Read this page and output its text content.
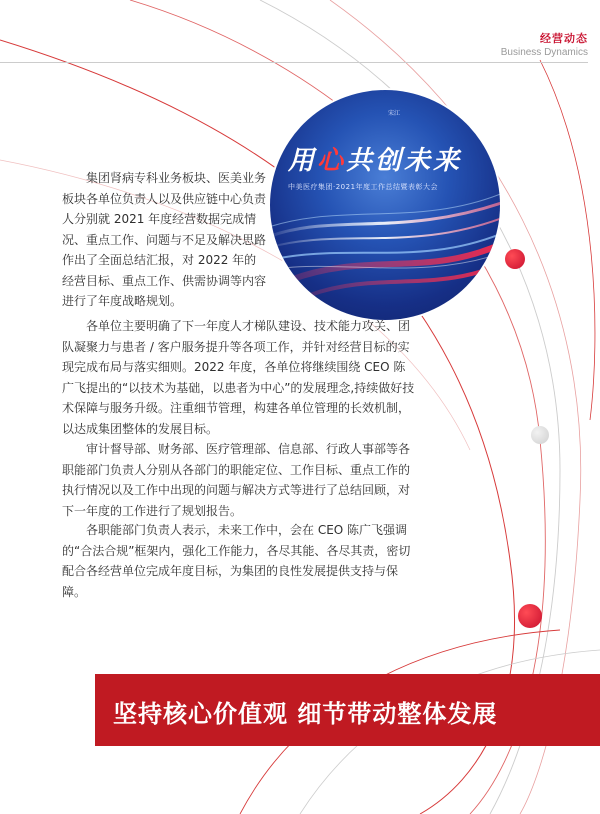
经营动态
Business Dynamics
宋江
用心共创未来
中美医疗集团·2021年度工作总结暨表彰大会

集团肾病专科业务板块、医美业务板块各单位负责人以及供应链中心负责人分别就 2021 年度经营数据完成情况、重点工作、问题与不足及解决思路作出了全面总结汇报，对 2022 年的经营目标、重点工作、供需协调等内容进行了年度战略规划。

各单位主要明确了下一年度人才梯队建设、技术能力攻关、团队凝聚力与患者 / 客户服务提升等各项工作，并针对经营目标的实现完成布局与落实细则。2022 年度，各单位将继续围绕 CEO 陈广飞提出的“以技术为基础，以患者为中心”的发展理念,持续做好技术保障与服务升级。注重细节管理，构建各单位管理的长效机制，以达成集团整体的发展目标。

审计督导部、财务部、医疗管理部、信息部、行政人事部等各职能部门负责人分别从各部门的职能定位、工作目标、重点工作的执行情况以及工作中出现的问题与解决方式等进行了总结回顾，对下一年度的工作进行了规划报告。

各职能部门负责人表示，未来工作中，会在 CEO 陈广飞强调的“合法合规”框架内，强化工作能力，各尽其能、各尽其责，密切配合各经营单位完成年度目标，为集团的良性发展提供支持与保障。

坚持核心价值观 细节带动整体发展
